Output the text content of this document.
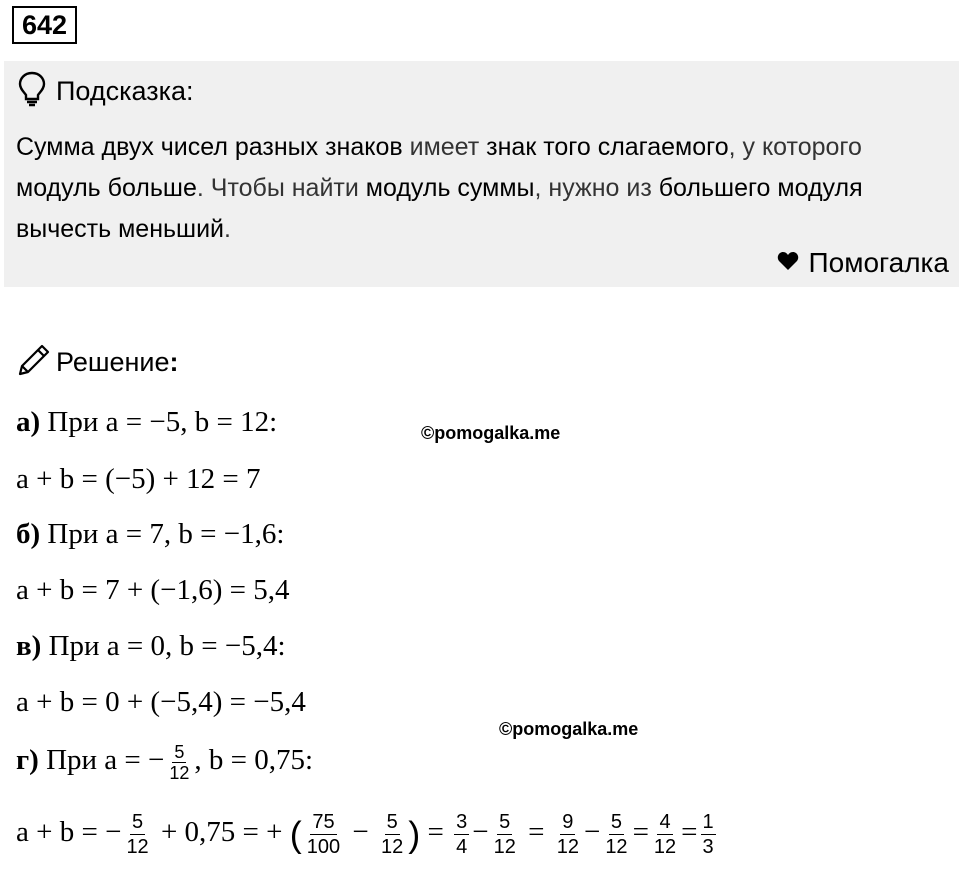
642
Подсказка:
Сумма двух чисел разных знаков имеет знак того слагаемого, у которого модуль больше. Чтобы найти модуль суммы, нужно из большего модуля вычесть меньший.
Помогалка
Решение:
а) При a = −5, b = 12:	©pomogalka.me
a + b = (−5) + 12 = 7
б) При a = 7, b = −1,6:
a + b = 7 + (−1,6) = 5,4
в) При a = 0, b = −5,4:
a + b = 0 + (−5,4) = −5,4
©pomogalka.me
г) При a = − $\frac{5}{12}$ , b = 0,75:
a + b = − $\frac{5}{12} + 0,75$ = + ( $\frac{75}{100} - \frac{5}{12}$ ) = $\frac{3}{4} - \frac{5}{12} = \frac{9}{12} - \frac{5}{12} = \frac{4}{12} = \frac{1}{3}$
